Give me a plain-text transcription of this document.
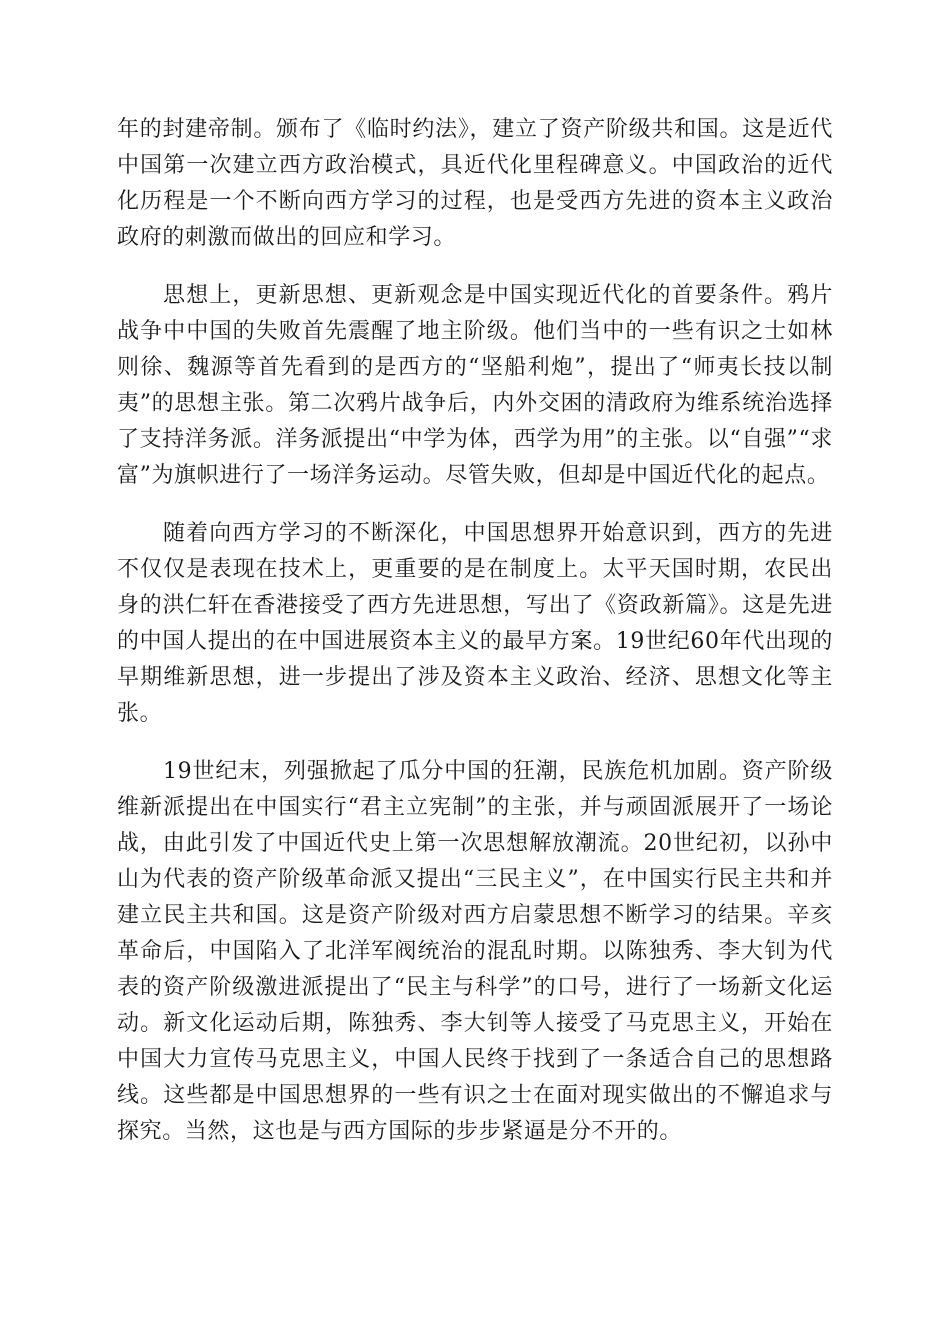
年的封建帝制。颁布了《临时约法》，建立了资产阶级共和国。这是近代中国第一次建立西方政治模式，具近代化里程碑意义。中国政治的近代化历程是一个不断向西方学习的过程，也是受西方先进的资本主义政治政府的刺激而做出的回应和学习。

思想上，更新思想、更新观念是中国实现近代化的首要条件。鸦片战争中中国的失败首先震醒了地主阶级。他们当中的一些有识之士如林则徐、魏源等首先看到的是西方的“坚船利炮”，提出了“师夷长技以制夷”的思想主张。第二次鸦片战争后，内外交困的清政府为维系统治选择了支持洋务派。洋务派提出“中学为体，西学为用”的主张。以“自强”“求富”为旗帜进行了一场洋务运动。尽管失败，但却是中国近代化的起点。

随着向西方学习的不断深化，中国思想界开始意识到，西方的先进不仅仅是表现在技术上，更重要的是在制度上。太平天国时期，农民出身的洪仁轩在香港接受了西方先进思想，写出了《资政新篇》。这是先进的中国人提出的在中国进展资本主义的最早方案。19世纪60年代出现的早期维新思想，进一步提出了涉及资本主义政治、经济、思想文化等主张。

19世纪末，列强掀起了瓜分中国的狂潮，民族危机加剧。资产阶级维新派提出在中国实行“君主立宪制”的主张，并与顽固派展开了一场论战，由此引发了中国近代史上第一次思想解放潮流。20世纪初，以孙中山为代表的资产阶级革命派又提出“三民主义”，在中国实行民主共和并建立民主共和国。这是资产阶级对西方启蒙思想不断学习的结果。辛亥革命后，中国陷入了北洋军阀统治的混乱时期。以陈独秀、李大钊为代表的资产阶级激进派提出了“民主与科学”的口号，进行了一场新文化运动。新文化运动后期，陈独秀、李大钊等人接受了马克思主义，开始在中国大力宣传马克思主义，中国人民终于找到了一条适合自己的思想路线。这些都是中国思想界的一些有识之士在面对现实做出的不懈追求与探究。当然，这也是与西方国际的步步紧逼是分不开的。
